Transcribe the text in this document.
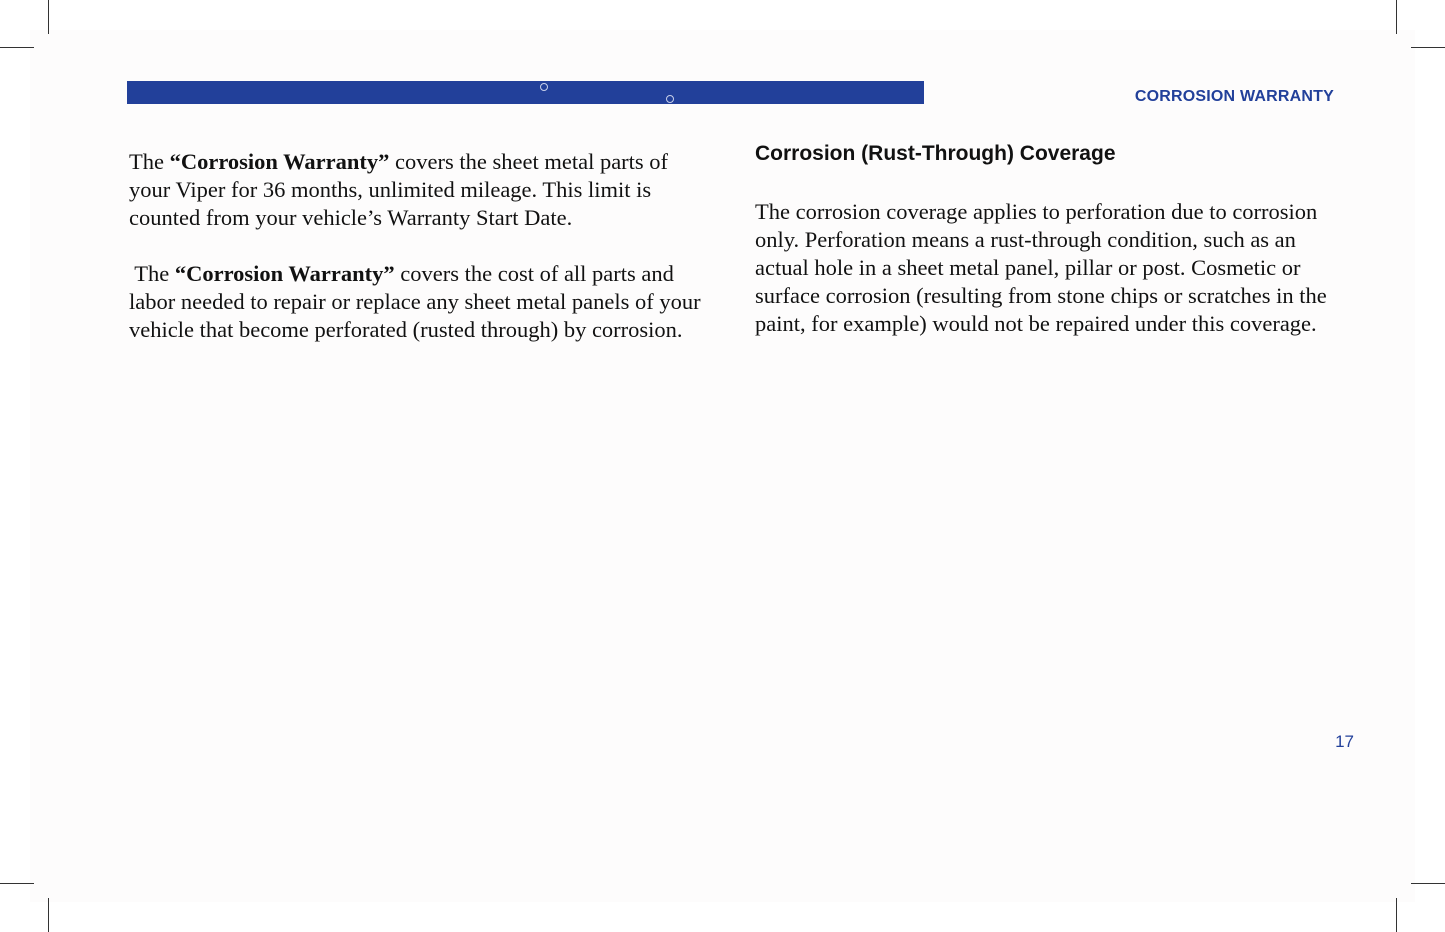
CORROSION WARRANTY

The “Corrosion Warranty” covers the sheet metal parts of your Viper for 36 months, unlimited mileage. This limit is counted from your vehicle’s Warranty Start Date.

The “Corrosion Warranty” covers the cost of all parts and labor needed to repair or replace any sheet metal panels of your vehicle that become perforated (rusted through) by corrosion.

Corrosion (Rust-Through) Coverage

The corrosion coverage applies to perforation due to corrosion only. Perforation means a rust-through condition, such as an actual hole in a sheet metal panel, pillar or post. Cosmetic or surface corrosion (resulting from stone chips or scratches in the paint, for example) would not be repaired under this coverage.

17
